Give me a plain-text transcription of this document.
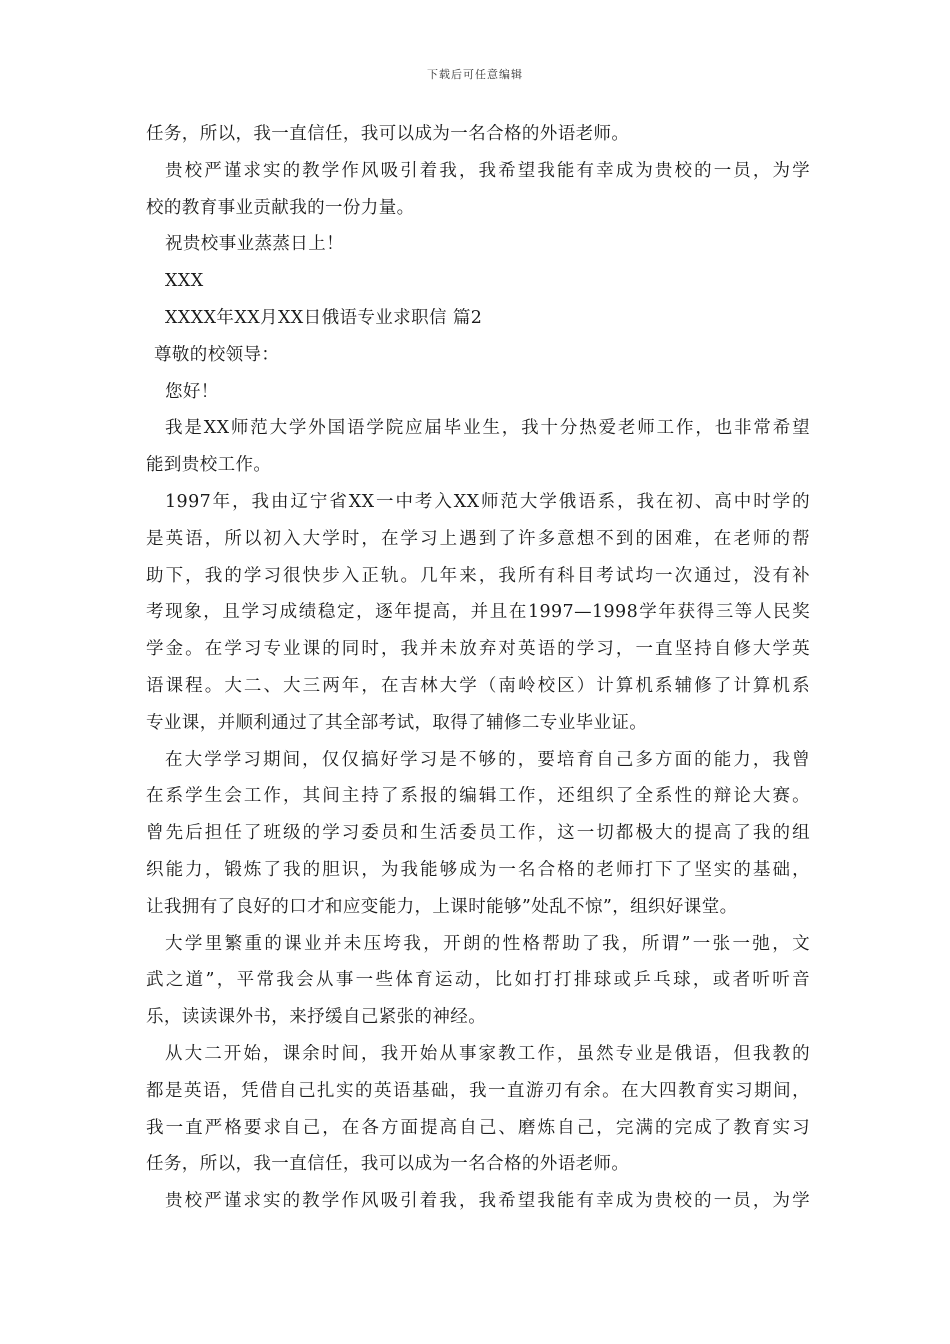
下载后可任意编辑
任务，所以，我一直信任，我可以成为一名合格的外语老师。
贵校严谨求实的教学作风吸引着我，我希望我能有幸成为贵校的一员，为学
校的教育事业贡献我的一份力量。
祝贵校事业蒸蒸日上！
XXX
XXXX年XX月XX日俄语专业求职信 篇2
尊敬的校领导：
您好！
我是XX师范大学外国语学院应届毕业生，我十分热爱老师工作，也非常希望
能到贵校工作。
1997年，我由辽宁省XX一中考入XX师范大学俄语系，我在初、高中时学的
是英语，所以初入大学时，在学习上遇到了许多意想不到的困难，在老师的帮
助下，我的学习很快步入正轨。几年来，我所有科目考试均一次通过，没有补
考现象，且学习成绩稳定，逐年提高，并且在1997—1998学年获得三等人民奖
学金。在学习专业课的同时，我并未放弃对英语的学习，一直坚持自修大学英
语课程。大二、大三两年，在吉林大学（南岭校区）计算机系辅修了计算机系
专业课，并顺利通过了其全部考试，取得了辅修二专业毕业证。
在大学学习期间，仅仅搞好学习是不够的，要培育自己多方面的能力，我曾
在系学生会工作，其间主持了系报的编辑工作，还组织了全系性的辩论大赛。
曾先后担任了班级的学习委员和生活委员工作，这一切都极大的提高了我的组
织能力，锻炼了我的胆识，为我能够成为一名合格的老师打下了坚实的基础，
让我拥有了良好的口才和应变能力，上课时能够”处乱不惊”，组织好课堂。
大学里繁重的课业并未压垮我，开朗的性格帮助了我，所谓”一张一弛，文
武之道”，平常我会从事一些体育运动，比如打打排球或乒乓球，或者听听音
乐，读读课外书，来抒缓自己紧张的神经。
从大二开始，课余时间，我开始从事家教工作，虽然专业是俄语，但我教的
都是英语，凭借自己扎实的英语基础，我一直游刃有余。在大四教育实习期间，
我一直严格要求自己，在各方面提高自己、磨炼自己，完满的完成了教育实习
任务，所以，我一直信任，我可以成为一名合格的外语老师。
贵校严谨求实的教学作风吸引着我，我希望我能有幸成为贵校的一员，为学
